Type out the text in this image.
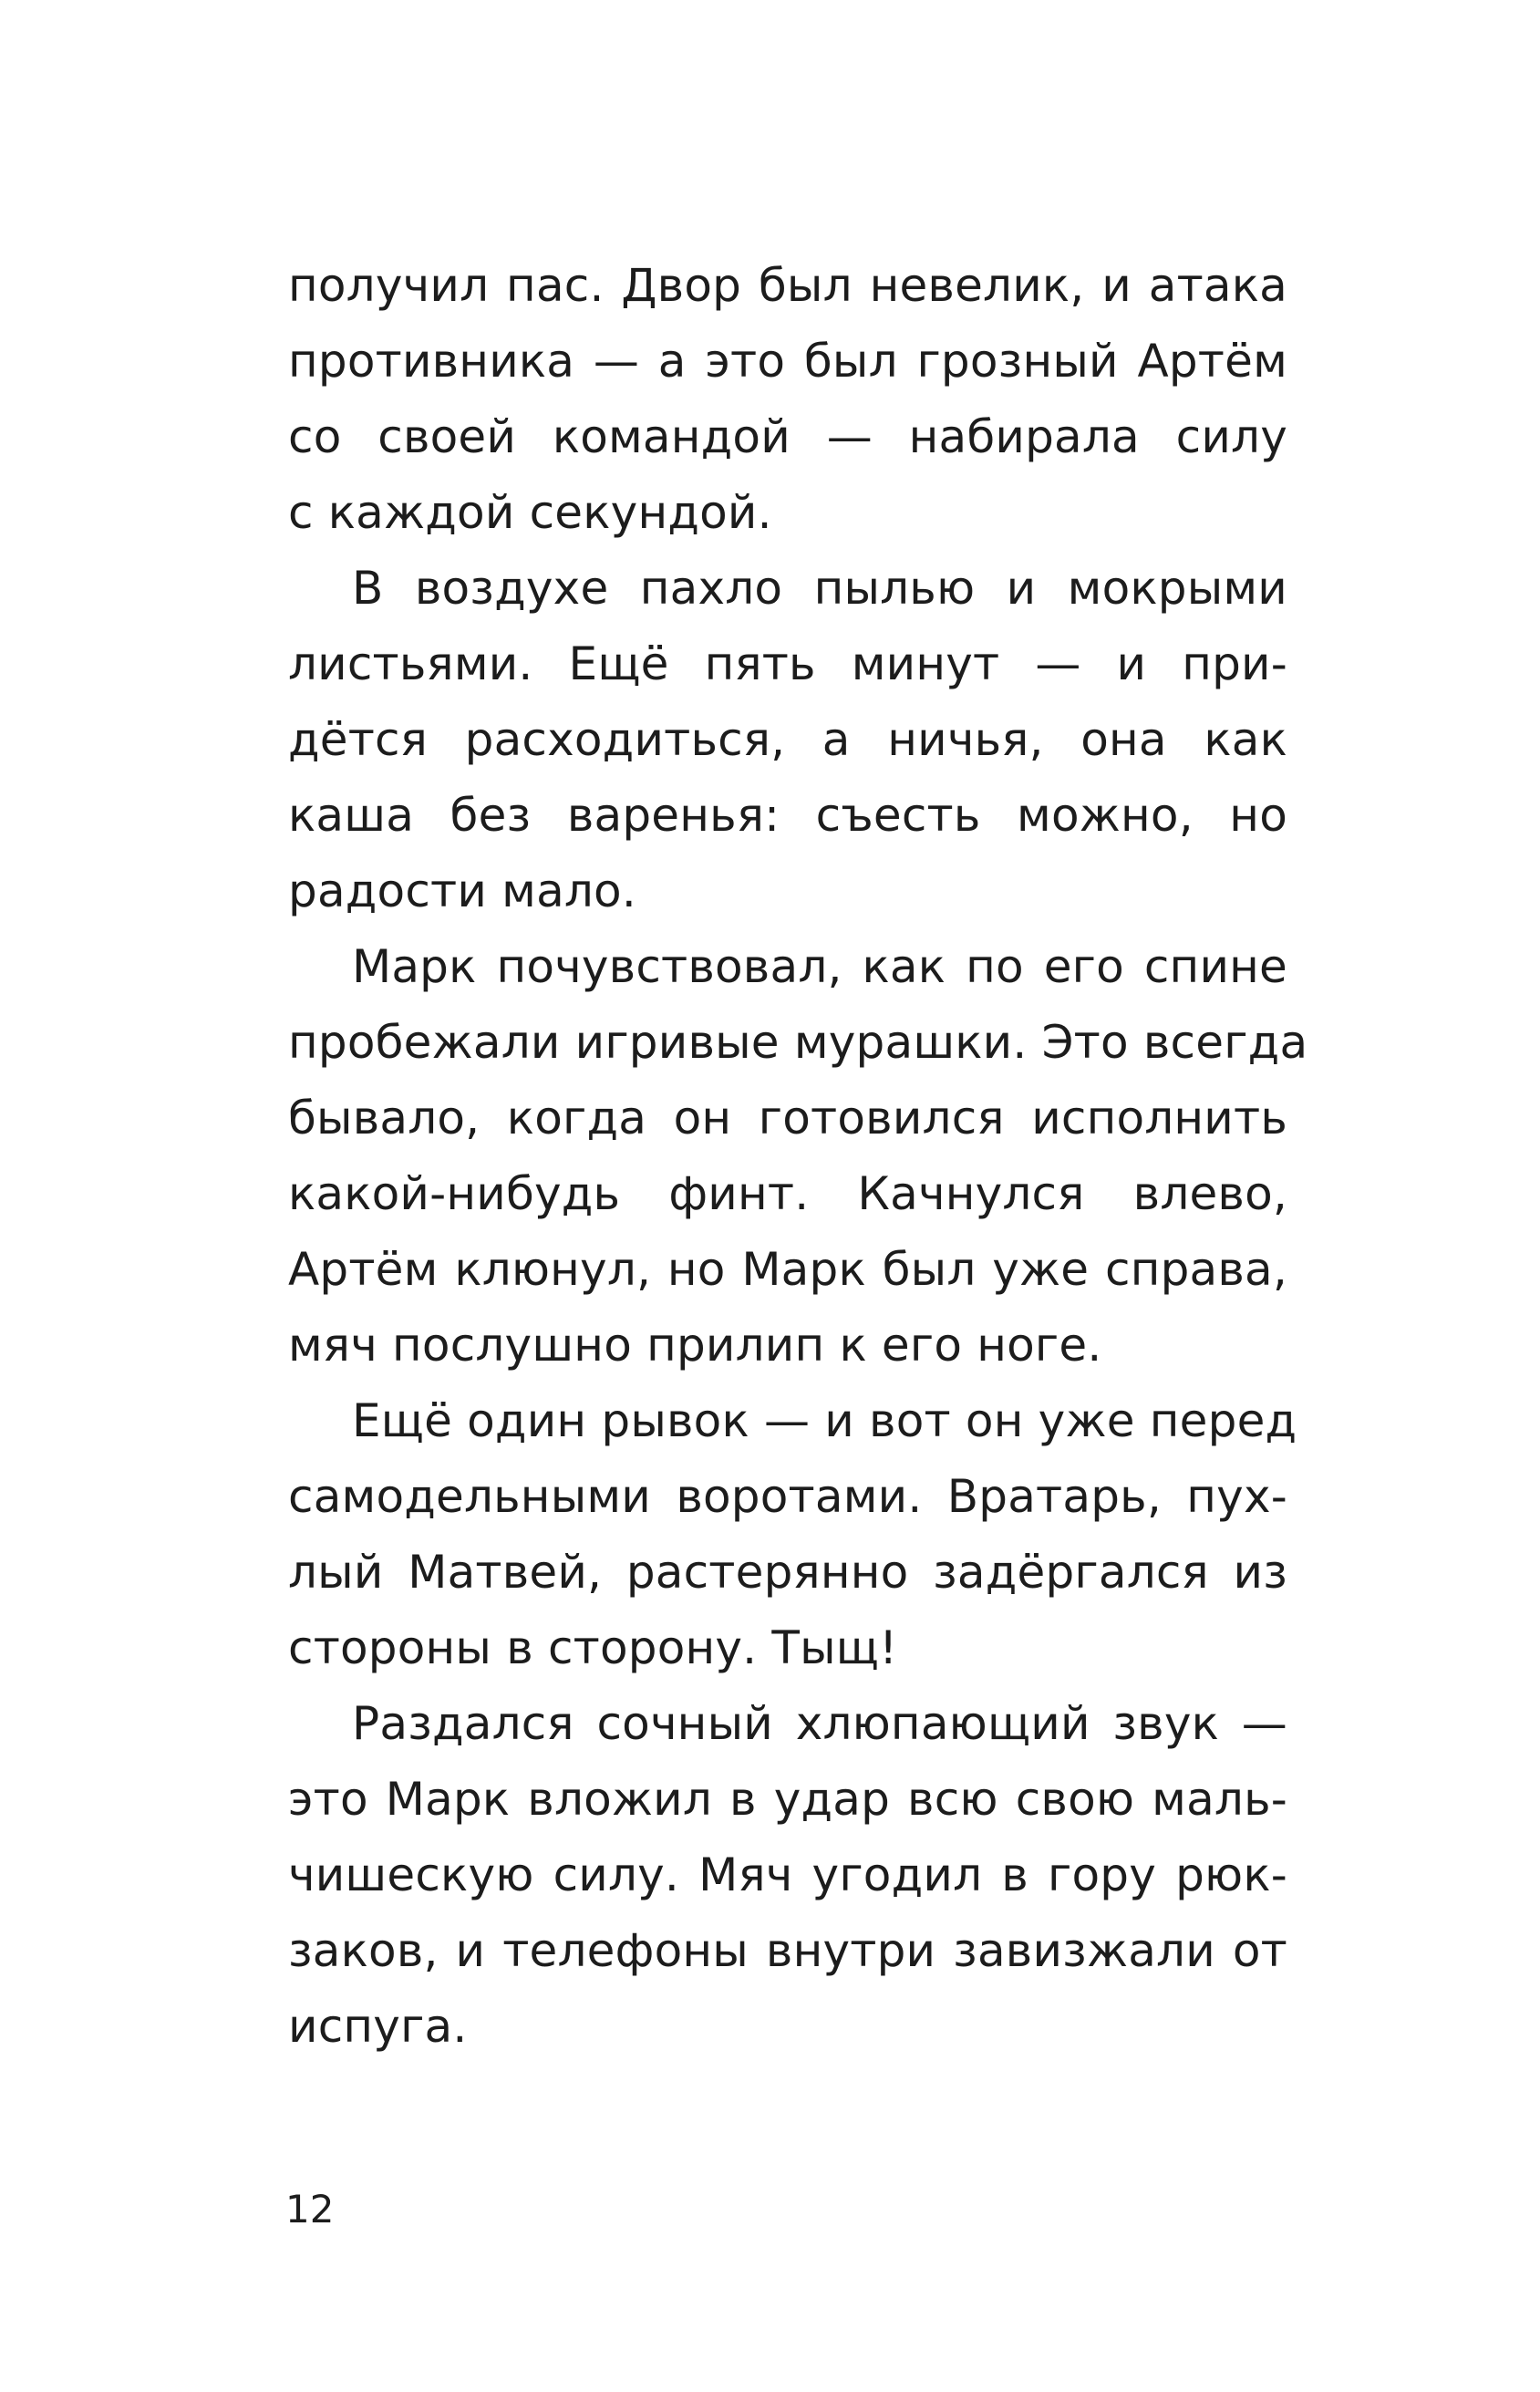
получил пас. Двор был невелик, и атака
противника — а это был грозный Артём
со своей командой — набирала силу
с каждой секундой.
В воздухе пахло пылью и мокрыми
листьями. Ещё пять минут — и при-
дётся расходиться, а ничья, она как
каша без варенья: съесть можно, но
радости мало.
Марк почувствовал, как по его спине
пробежали игривые мурашки. Это всегда
бывало, когда он готовился исполнить
какой-нибудь финт. Качнулся влево,
Артём клюнул, но Марк был уже справа,
мяч послушно прилип к его ноге.
Ещё один рывок — и вот он уже перед
самодельными воротами. Вратарь, пух-
лый Матвей, растерянно задёргался из
стороны в сторону. Тыщ!
Раздался сочный хлюпающий звук —
это Марк вложил в удар всю свою маль-
чишескую силу. Мяч угодил в гору рюк-
заков, и телефоны внутри завизжали от
испуга.
12
